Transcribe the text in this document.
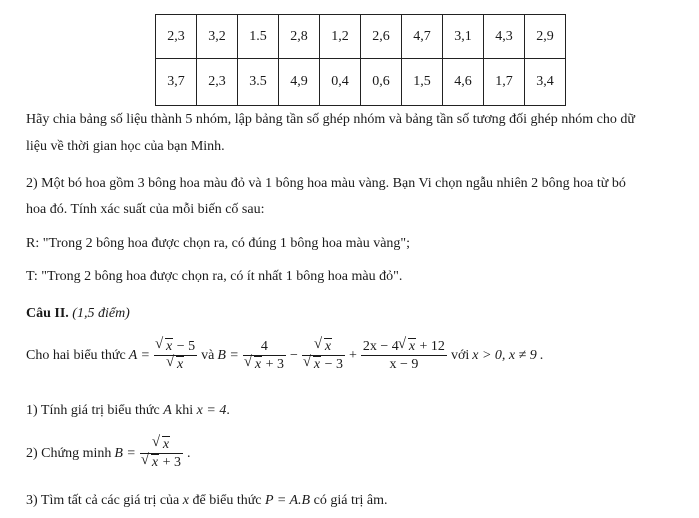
2,3	3,2	1.5	2,8	1,2	2,6	4,7	3,1	4,3	2,9
3,7	2,3	3.5	4,9	0,4	0,6	1,5	4,6	1,7	3,4
Hãy chia bảng số liệu thành 5 nhóm, lập bảng tần số ghép nhóm và bảng tần số tương đối ghép nhóm cho dữ
liệu về thời gian học của bạn Minh.
2) Một bó hoa gồm 3 bông hoa màu đỏ và 1 bông hoa màu vàng. Bạn Vi chọn ngẫu nhiên 2 bông hoa từ bó
hoa đó. Tính xác suất của mỗi biến cố sau:
R: "Trong 2 bông hoa được chọn ra, có đúng 1 bông hoa màu vàng";
T: "Trong 2 bông hoa được chọn ra, có ít nhất 1 bông hoa màu đỏ".
Câu II. (1,5 điểm)
Cho hai biểu thức A = √ x − 5
√ x và B = 4
√ x + 3 − √ x
√ $x - 3 + \frac{2x - 4 √ x + 12}{x - 9}$ với x > 0, x ≠ 9 .
1) Tính giá trị biểu thức A khi x = 4.
2) Chứng minh B = √ x
√ x + 3 .
3) Tìm tất cả các giá trị của x để biểu thức P = A.B có giá trị âm.
